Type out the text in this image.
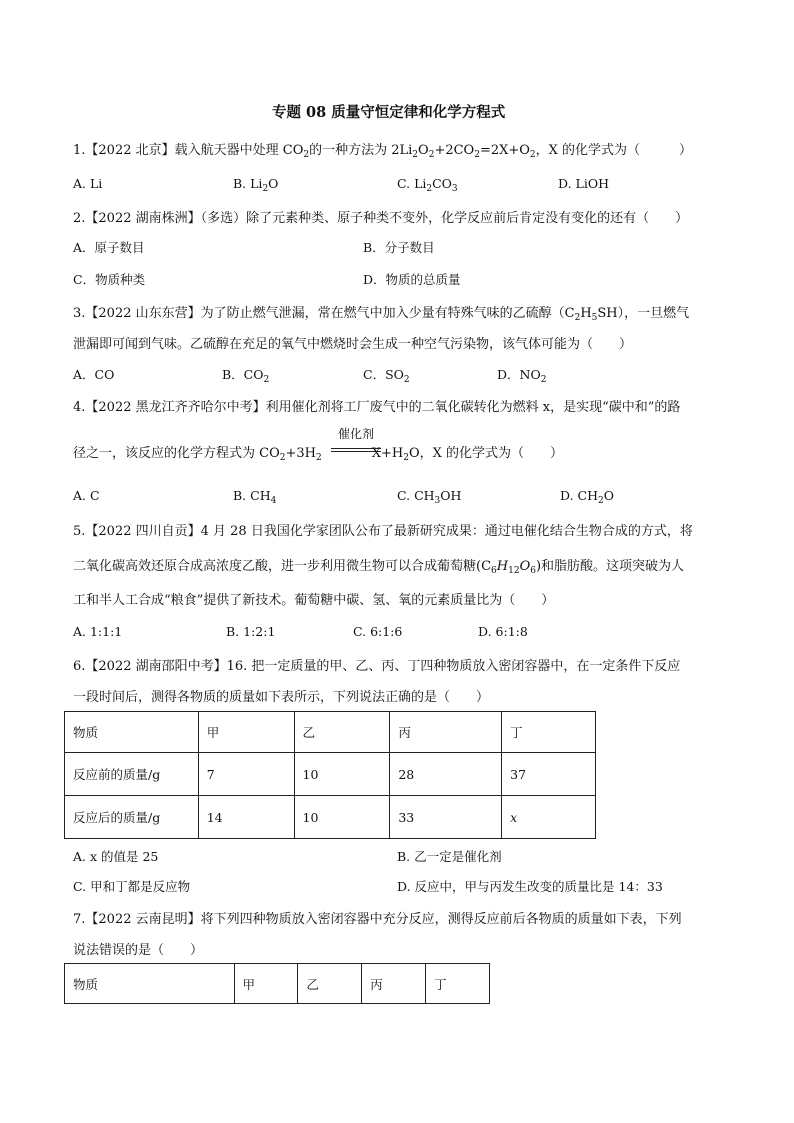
专题 08 质量守恒定律和化学方程式
1.【2022 北京】载入航天器中处理 $CO_2$的一种方法为 $2Li_2O_2+2CO_2=2X+O_2$，X 的化学式为（　　　）
A. Li	B. $Li_2O$	C. $Li_2CO_3$	D. LiOH
2.【2022 湖南株洲】（多选）除了元素种类、原子种类不变外，化学反应前后肯定没有变化的还有（　　）
A．原子数目	B．分子数目
C．物质种类	D．物质的总质量
3.【2022 山东东营】为了防止燃气泄漏，常在燃气中加入少量有特殊气味的乙硫醇$(C_2H_5SH)$，一旦燃气
泄漏即可闻到气味。乙硫醇在充足的氧气中燃烧时会生成一种空气污染物，该气体可能为（　　）
A．CO	B．$CO_2$	C．$SO_2$	D．$NO_2$
4.【2022 黑龙江齐齐哈尔中考】利用催化剂将工厂废气中的二氧化碳转化为燃料 x，是实现“碳中和”的路
径之一，该反应的化学方程式为 $CO_2+3H_2$	$X+H_2O$，X 的化学式为（　　）
催化剂
A. C	B. $CH_4$	C. $CH_3OH$	D. $CH_2O$
5.【2022 四川自贡】4 月 28 日我国化学家团队公布了最新研究成果：通过电催化结合生物合成的方式，将
二氧化碳高效还原合成高浓度乙酸，进一步利用微生物可以合成葡萄糖$(C_6H_{12}O_6)$和脂肪酸。这项突破为人
工和半人工合成“粮食”提供了新技术。葡萄糖中碳、氢、氧的元素质量比为（　　）
A. 1:1:1	B. 1:2:1	C. 6:1:6	D. 6:1:8
6.【2022 湖南邵阳中考】16. 把一定质量的甲、乙、丙、丁四种物质放入密闭容器中，在一定条件下反应
一段时间后，测得各物质的质量如下表所示，下列说法正确的是（　　）
物质	甲	乙	丙	丁
反应前的质量/g	7	10	28	37
反应后的质量/g	14	10	33	x
A. x 的值是 25	B. 乙一定是催化剂
C. 甲和丁都是反应物	D. 反应中，甲与丙发生改变的质量比是 14：33
7.【2022 云南昆明】将下列四种物质放入密闭容器中充分反应，测得反应前后各物质的质量如下表，下列
说法错误的是（　　）
物质	甲	乙	丙	丁
